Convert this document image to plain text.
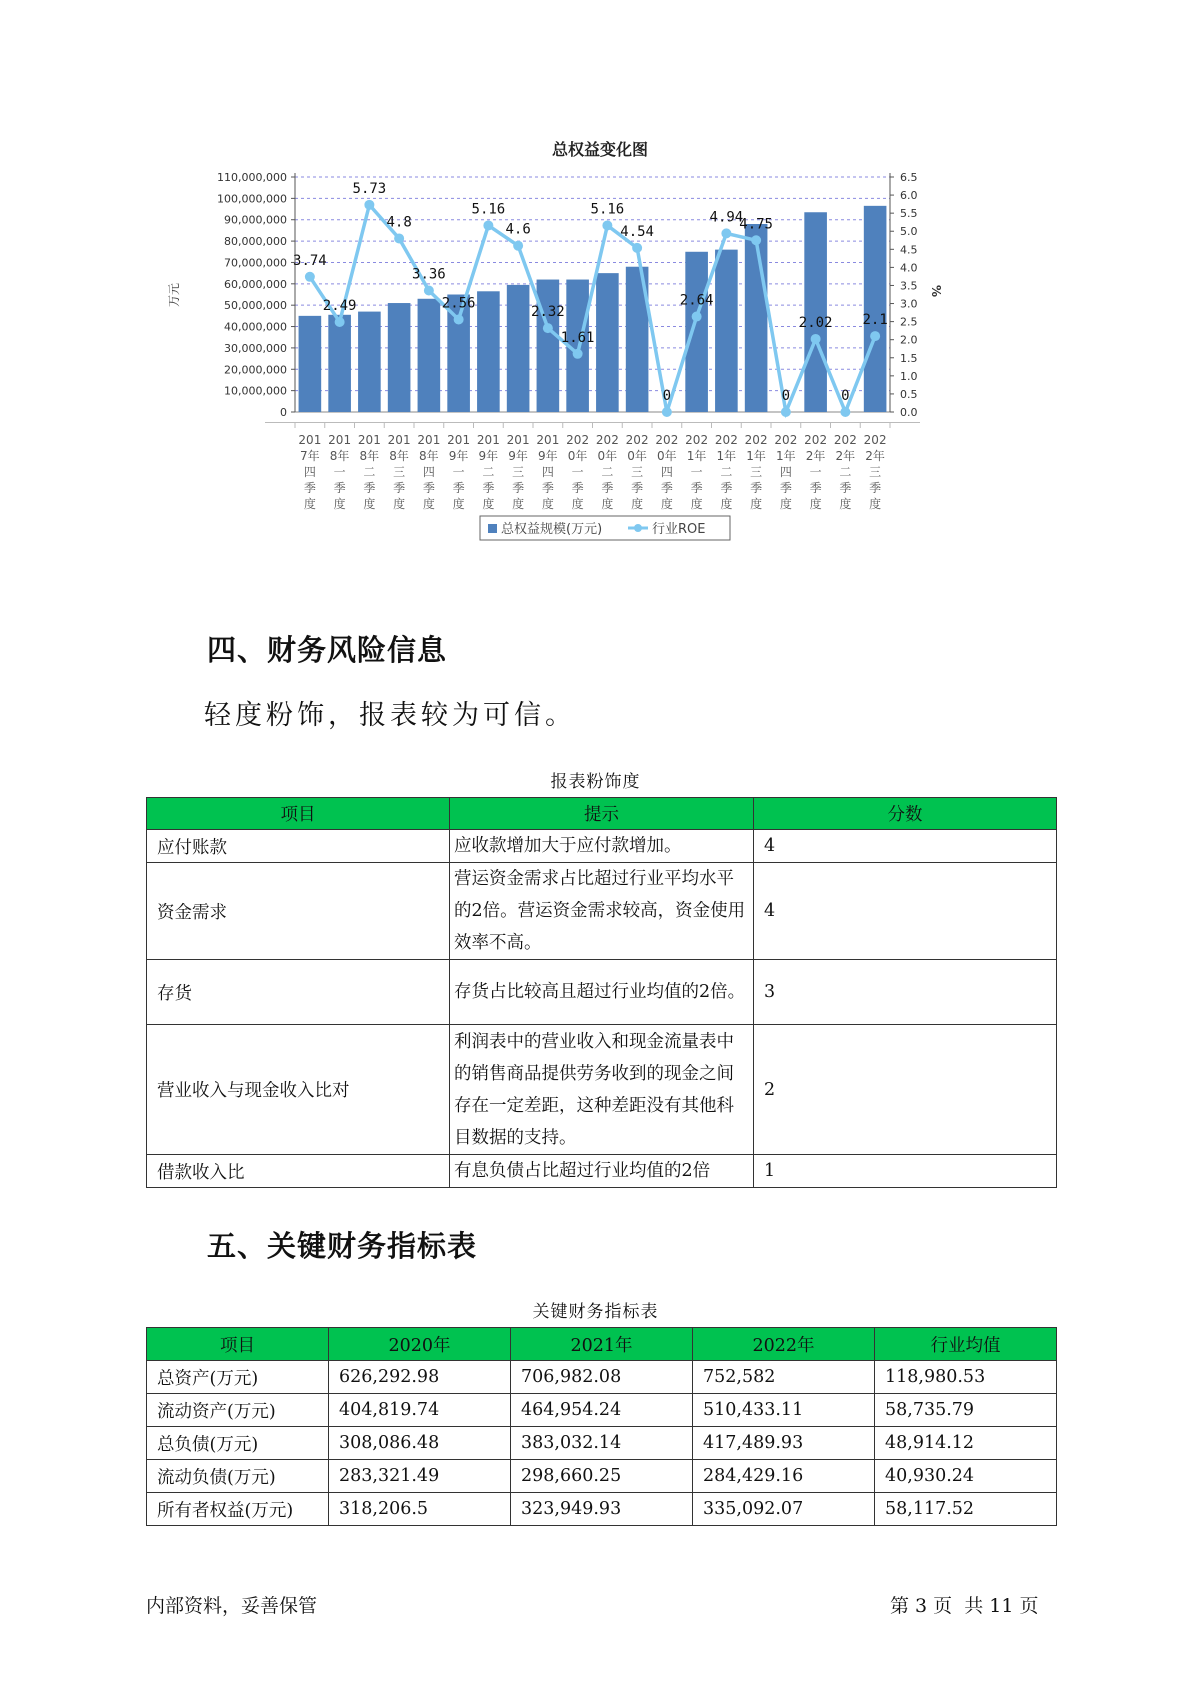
总权益变化图
0
10,000,000
20,000,000
30,000,000
40,000,000
50,000,000
60,000,000
70,000,000
80,000,000
90,000,000
100,000,000
110,000,000
0.0
0.5
1.0
1.5
2.0
2.5
3.0
3.5
4.0
4.5
5.0
5.5
6.0
6.5
3.74
2.49
5.73
4.8
3.36
2.56
5.16
4.6
2.32
1.61
5.16
4.54
0
2.64
4.94
4.75
0
2.02
0
2.1
201
7年
四
季
度
201
8年
一
季
度
201
8年
二
季
度
201
8年
三
季
度
201
8年
四
季
度
201
9年
一
季
度
201
9年
二
季
度
201
9年
三
季
度
201
9年
四
季
度
202
0年
一
季
度
202
0年
二
季
度
202
0年
三
季
度
202
0年
四
季
度
202
1年
一
季
度
202
1年
二
季
度
202
1年
三
季
度
202
1年
四
季
度
202
2年
一
季
度
202
2年
二
季
度
202
2年
三
季
度
万元	%
总权益规模(万元)	行业ROE
四、财务风险信息
轻度粉饰，报表较为可信。
报表粉饰度
项目	提示	分数
应付账款	应收款增加大于应付款增加。	4
资金需求	营运资金需求占比超过行业平均水平的2倍。营运资金需求较高，资金使用效率不高。	4
存货	存货占比较高且超过行业均值的2倍。	3
营业收入与现金收入比对	利润表中的营业收入和现金流量表中的销售商品提供劳务收到的现金之间存在一定差距，这种差距没有其他科目数据的支持。	2
借款收入比	有息负债占比超过行业均值的2倍	1
五、关键财务指标表
关键财务指标表
项目	2020年	2021年	2022年	行业均值
总资产(万元)	626,292.98	706,982.08	752,582	118,980.53
流动资产(万元)	404,819.74	464,954.24	510,433.11	58,735.79
总负债(万元)	308,086.48	383,032.14	417,489.93	48,914.12
流动负债(万元)	283,321.49	298,660.25	284,429.16	40,930.24
所有者权益(万元)	318,206.5	323,949.93	335,092.07	58,117.52
内部资料，妥善保管	第 3 页  共 11 页
